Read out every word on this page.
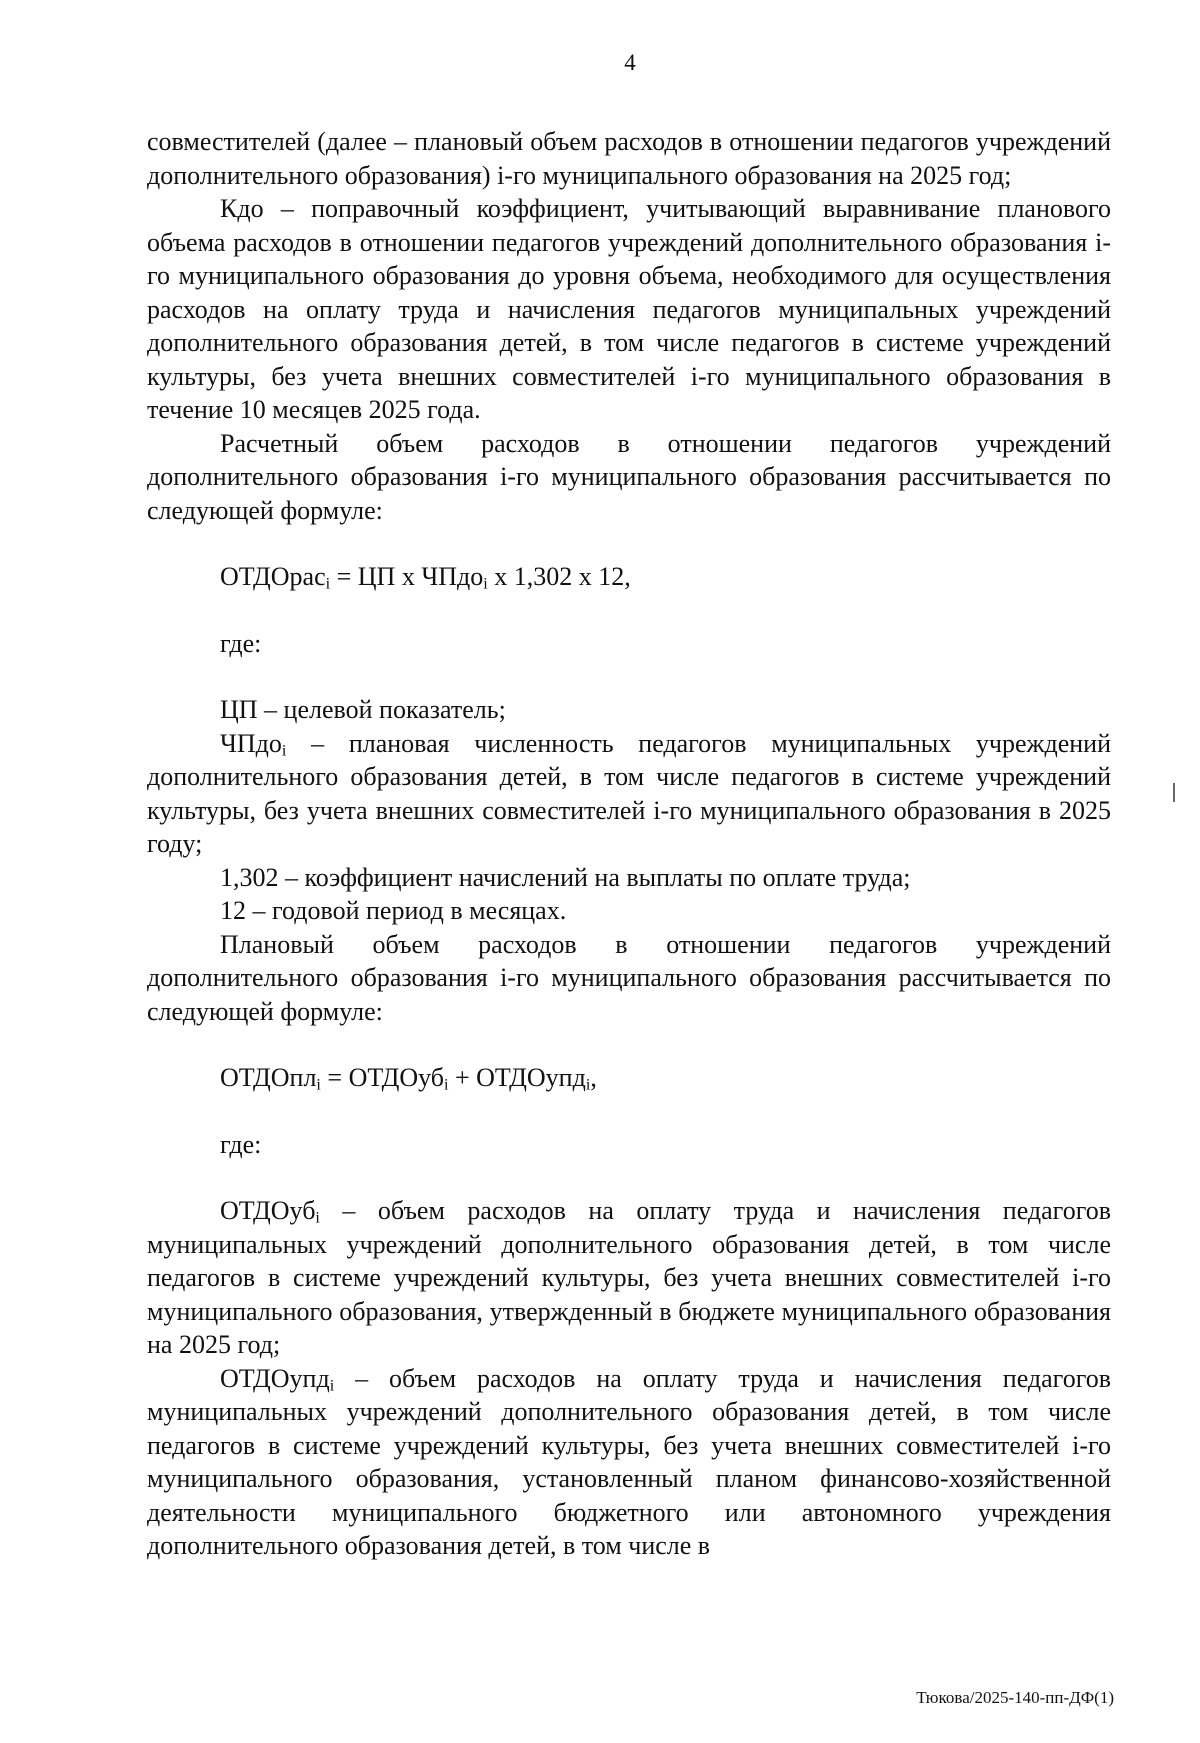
4

совместителей (далее – плановый объем расходов в отношении педагогов учреждений дополнительного образования) i-го муниципального образования на 2025 год;

Кдо – поправочный коэффициент, учитывающий выравнивание планового объема расходов в отношении педагогов учреждений дополнительного образования i-го муниципального образования до уровня объема, необходимого для осуществления расходов на оплату труда и начисления педагогов муниципальных учреждений дополнительного образования детей, в том числе педагогов в системе учреждений культуры, без учета внешних совместителей i-го муниципального образования в течение 10 месяцев 2025 года.

Расчетный объем расходов в отношении педагогов учреждений дополнительного образования i-го муниципального образования рассчитывается по следующей формуле:

ОТДОрас$_i$ = ЦП x ЧПдо$_i$ x 1,302 x 12,

где:

ЦП – целевой показатель;

ЧПдо$_i$ – плановая численность педагогов муниципальных учреждений дополнительного образования детей, в том числе педагогов в системе учреждений культуры, без учета внешних совместителей i-го муниципального образования в 2025 году;

1,302 – коэффициент начислений на выплаты по оплате труда;

12 – годовой период в месяцах.

Плановый объем расходов в отношении педагогов учреждений дополнительного образования i-го муниципального образования рассчитывается по следующей формуле:

ОТДОпл$_i$ = ОТДОуб$_i$ + ОТДОупд$_i$,

где:

ОТДОуб$_i$ – объем расходов на оплату труда и начисления педагогов муниципальных учреждений дополнительного образования детей, в том числе педагогов в системе учреждений культуры, без учета внешних совместителей i-го муниципального образования, утвержденный в бюджете муниципального образования на 2025 год;

ОТДОупд$_i$ – объем расходов на оплату труда и начисления педагогов муниципальных учреждений дополнительного образования детей, в том числе педагогов в системе учреждений культуры, без учета внешних совместителей i-го муниципального образования, установленный планом финансово-хозяйственной деятельности муниципального бюджетного или автономного учреждения дополнительного образования детей, в том числе в

Тюкова/2025-140-пп-ДФ(1)
